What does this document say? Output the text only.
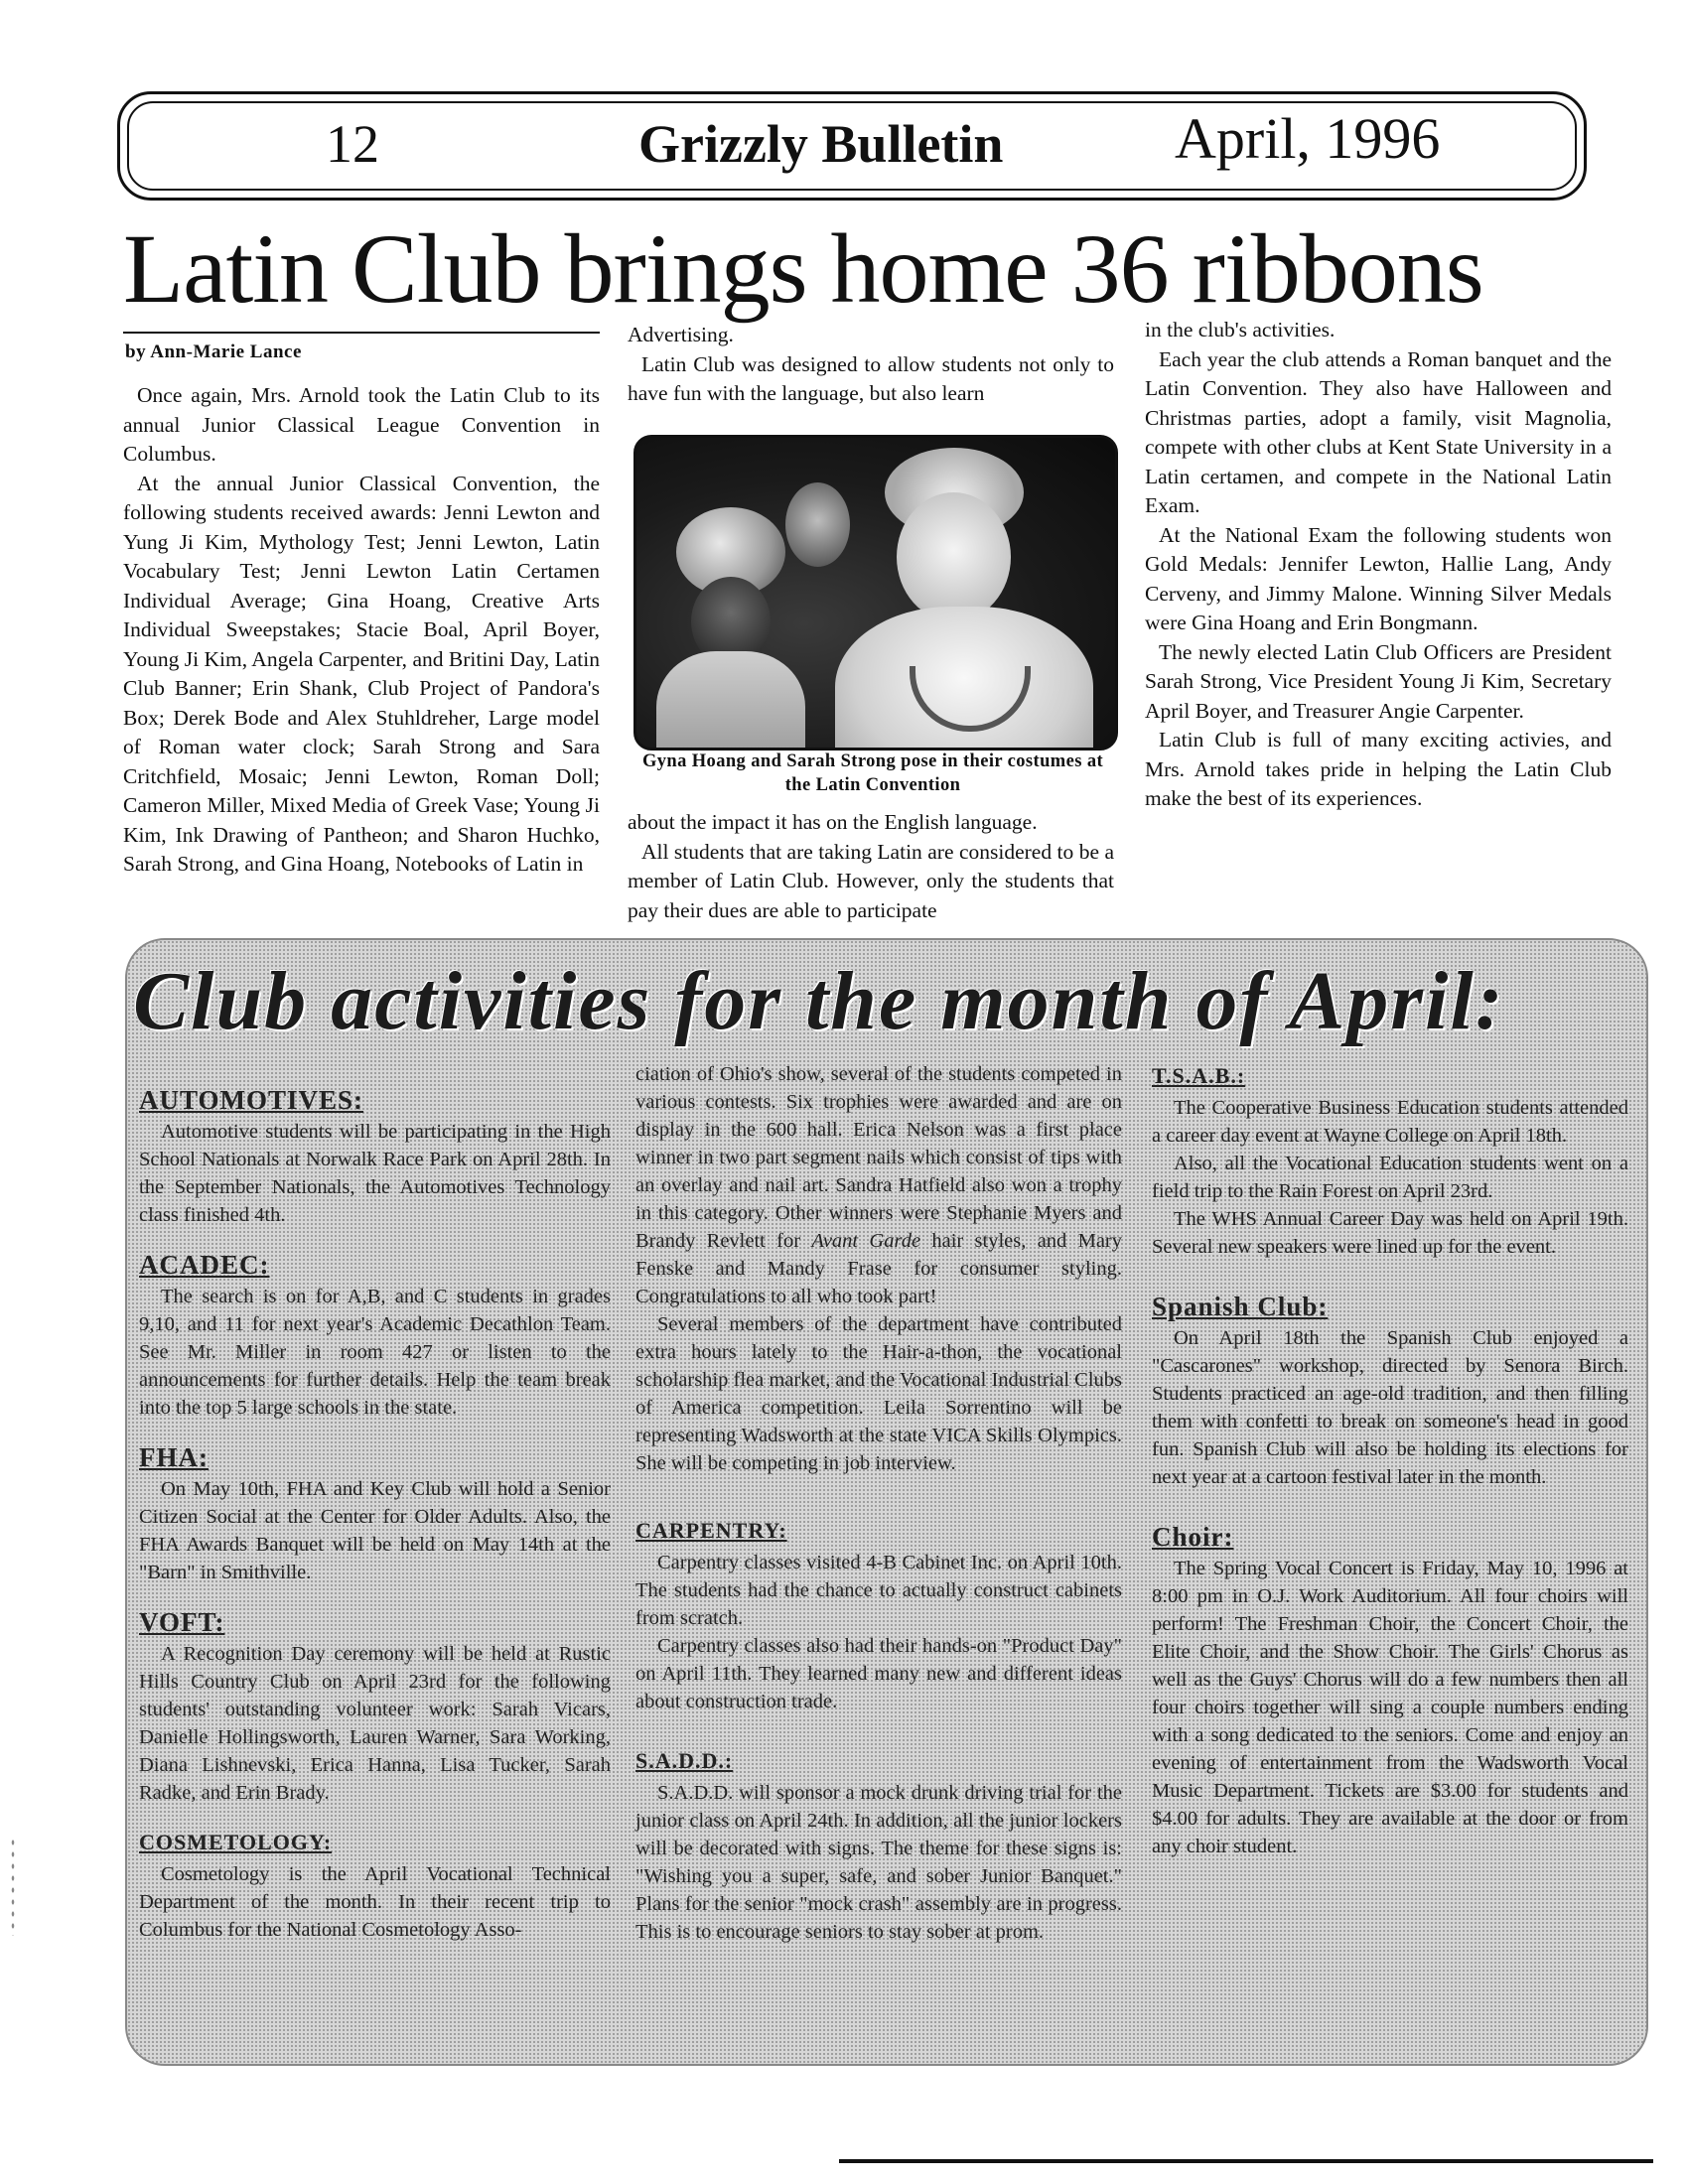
12	Grizzly Bulletin	April, 1996
Latin Club brings home 36 ribbons
by Ann-Marie Lance

Once again, Mrs. Arnold took the Latin Club to its annual Junior Classical League Convention in Columbus.

At the annual Junior Classical Convention, the following students received awards: Jenni Lewton and Yung Ji Kim, Mythology Test; Jenni Lewton, Latin Vocabulary Test; Jenni Lewton Latin Certamen Individual Average; Gina Hoang, Creative Arts Individual Sweepstakes; Stacie Boal, April Boyer, Young Ji Kim, Angela Carpenter, and Britini Day, Latin Club Banner; Erin Shank, Club Project of Pandora's Box; Derek Bode and Alex Stuhldreher, Large model of Roman water clock; Sarah Strong and Sara Critchfield, Mosaic; Jenni Lewton, Roman Doll; Cameron Miller, Mixed Media of Greek Vase; Young Ji Kim, Ink Drawing of Pantheon; and Sharon Huchko, Sarah Strong, and Gina Hoang, Notebooks of Latin in

Advertising.

Latin Club was designed to allow students not only to have fun with the language, but also learn

Gyna Hoang and Sarah Strong pose in their costumes at the Latin Convention

about the impact it has on the English language.

All students that are taking Latin are considered to be a member of Latin Club. However, only the students that pay their dues are able to participate

in the club's activities.

Each year the club attends a Roman banquet and the Latin Convention. They also have Halloween and Christmas parties, adopt a family, visit Magnolia, compete with other clubs at Kent State University in a Latin certamen, and compete in the National Latin Exam.

At the National Exam the following students won Gold Medals: Jennifer Lewton, Hallie Lang, Andy Cerveny, and Jimmy Malone. Winning Silver Medals were Gina Hoang and Erin Bongmann.

The newly elected Latin Club Officers are President Sarah Strong, Vice President Young Ji Kim, Secretary April Boyer, and Treasurer Angie Carpenter.

Latin Club is full of many exciting activies, and Mrs. Arnold takes pride in helping the Latin Club make the best of its experiences.

Club activities for the month of April:
AUTOMOTIVES:

Automotive students will be participating in the High School Nationals at Norwalk Race Park on April 28th. In the September Nationals, the Automotives Technology class finished 4th.

ACADEC:

The search is on for A,B, and C students in grades 9,10, and 11 for next year's Academic Decathlon Team. See Mr. Miller in room 427 or listen to the announcements for further details. Help the team break into the top 5 large schools in the state.

FHA:

On May 10th, FHA and Key Club will hold a Senior Citizen Social at the Center for Older Adults. Also, the FHA Awards Banquet will be held on May 14th at the "Barn" in Smithville.

VOFT:

A Recognition Day ceremony will be held at Rustic Hills Country Club on April 23rd for the following students' outstanding volunteer work: Sarah Vicars, Danielle Hollingsworth, Lauren Warner, Sara Working, Diana Lishnevski, Erica Hanna, Lisa Tucker, Sarah Radke, and Erin Brady.

COSMETOLOGY:

Cosmetology is the April Vocational Technical Department of the month. In their recent trip to Columbus for the National Cosmetology Asso-

ciation of Ohio's show, several of the students competed in various contests. Six trophies were awarded and are on display in the 600 hall. Erica Nelson was a first place winner in two part segment nails which consist of tips with an overlay and nail art. Sandra Hatfield also won a trophy in this category. Other winners were Stephanie Myers and Brandy Revlett for Avant Garde hair styles, and Mary Fenske and Mandy Frase for consumer styling. Congratulations to all who took part!

Several members of the department have contributed extra hours lately to the Hair-a-thon, the vocational scholarship flea market, and the Vocational Industrial Clubs of America competition. Leila Sorrentino will be representing Wadsworth at the state VICA Skills Olympics. She will be competing in job interview.

CARPENTRY:

Carpentry classes visited 4-B Cabinet Inc. on April 10th. The students had the chance to actually construct cabinets from scratch.

Carpentry classes also had their hands-on "Product Day" on April 11th. They learned many new and different ideas about construction trade.

S.A.D.D.:

S.A.D.D. will sponsor a mock drunk driving trial for the junior class on April 24th. In addition, all the junior lockers will be decorated with signs. The theme for these signs is: "Wishing you a super, safe, and sober Junior Banquet." Plans for the senior "mock crash" assembly are in progress. This is to encourage seniors to stay sober at prom.

T.S.A.B.:

The Cooperative Business Education students attended a career day event at Wayne College on April 18th.

Also, all the Vocational Education students went on a field trip to the Rain Forest on April 23rd.

The WHS Annual Career Day was held on April 19th. Several new speakers were lined up for the event.

Spanish Club:

On April 18th the Spanish Club enjoyed a "Cascarones" workshop, directed by Senora Birch. Students practiced an age-old tradition, and then filling them with confetti to break on someone's head in good fun. Spanish Club will also be holding its elections for next year at a cartoon festival later in the month.

Choir:

The Spring Vocal Concert is Friday, May 10, 1996 at 8:00 pm in O.J. Work Auditorium. All four choirs will perform! The Freshman Choir, the Concert Choir, the Elite Choir, and the Show Choir. The Girls' Chorus as well as the Guys' Chorus will do a few numbers then all four choirs together will sing a couple numbers ending with a song dedicated to the seniors. Come and enjoy an evening of entertainment from the Wadsworth Vocal Music Department. Tickets are $3.00 for students and $4.00 for adults. They are available at the door or from any choir student.
